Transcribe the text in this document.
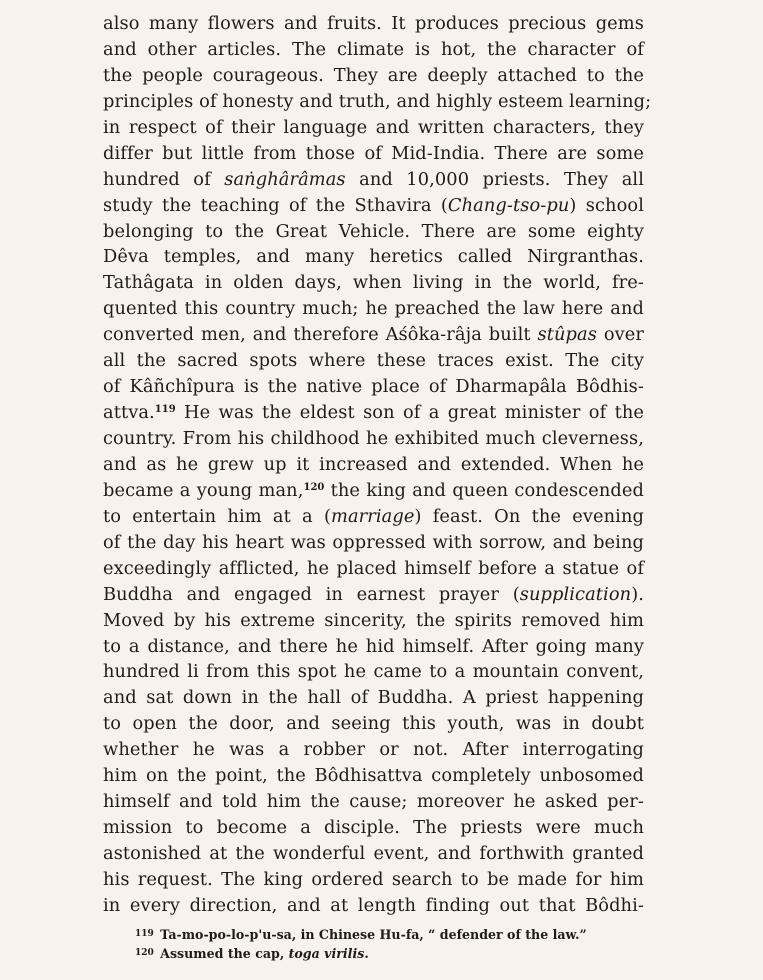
also many flowers and fruits. It produces precious gems
and other articles. The climate is hot, the character of
the people courageous. They are deeply attached to the
principles of honesty and truth, and highly esteem learning;
in respect of their language and written characters, they
differ but little from those of Mid-India. There are some
hundred of saṅghârâmas and 10,000 priests. They all
study the teaching of the Sthavira (Chang-tso-pu) school
belonging to the Great Vehicle. There are some eighty
Dêva temples, and many heretics called Nirgranthas.
Tathâgata in olden days, when living in the world, fre-
quented this country much; he preached the law here and
converted men, and therefore Aśôka-râja built stûpas over
all the sacred spots where these traces exist. The city
of Kâñchîpura is the native place of Dharmapâla Bôdhis-
attva.$^{119}$ He was the eldest son of a great minister of the
country. From his childhood he exhibited much cleverness,
and as he grew up it increased and extended. When he
became a young man,$^{120}$ the king and queen condescended
to entertain him at a (marriage) feast. On the evening
of the day his heart was oppressed with sorrow, and being
exceedingly afflicted, he placed himself before a statue of
Buddha and engaged in earnest prayer (supplication).
Moved by his extreme sincerity, the spirits removed him
to a distance, and there he hid himself. After going many
hundred li from this spot he came to a mountain convent,
and sat down in the hall of Buddha. A priest happening
to open the door, and seeing this youth, was in doubt
whether he was a robber or not. After interrogating
him on the point, the Bôdhisattva completely unbosomed
himself and told him the cause; moreover he asked per-
mission to become a disciple. The priests were much
astonished at the wonderful event, and forthwith granted
his request. The king ordered search to be made for him
in every direction, and at length finding out that Bôdhi-
$^{119}$ Ta-mo-po-lo-p'u-sa, in Chinese Hu-fa, “ defender of the law.”
$^{120}$ Assumed the cap, toga virilis.
